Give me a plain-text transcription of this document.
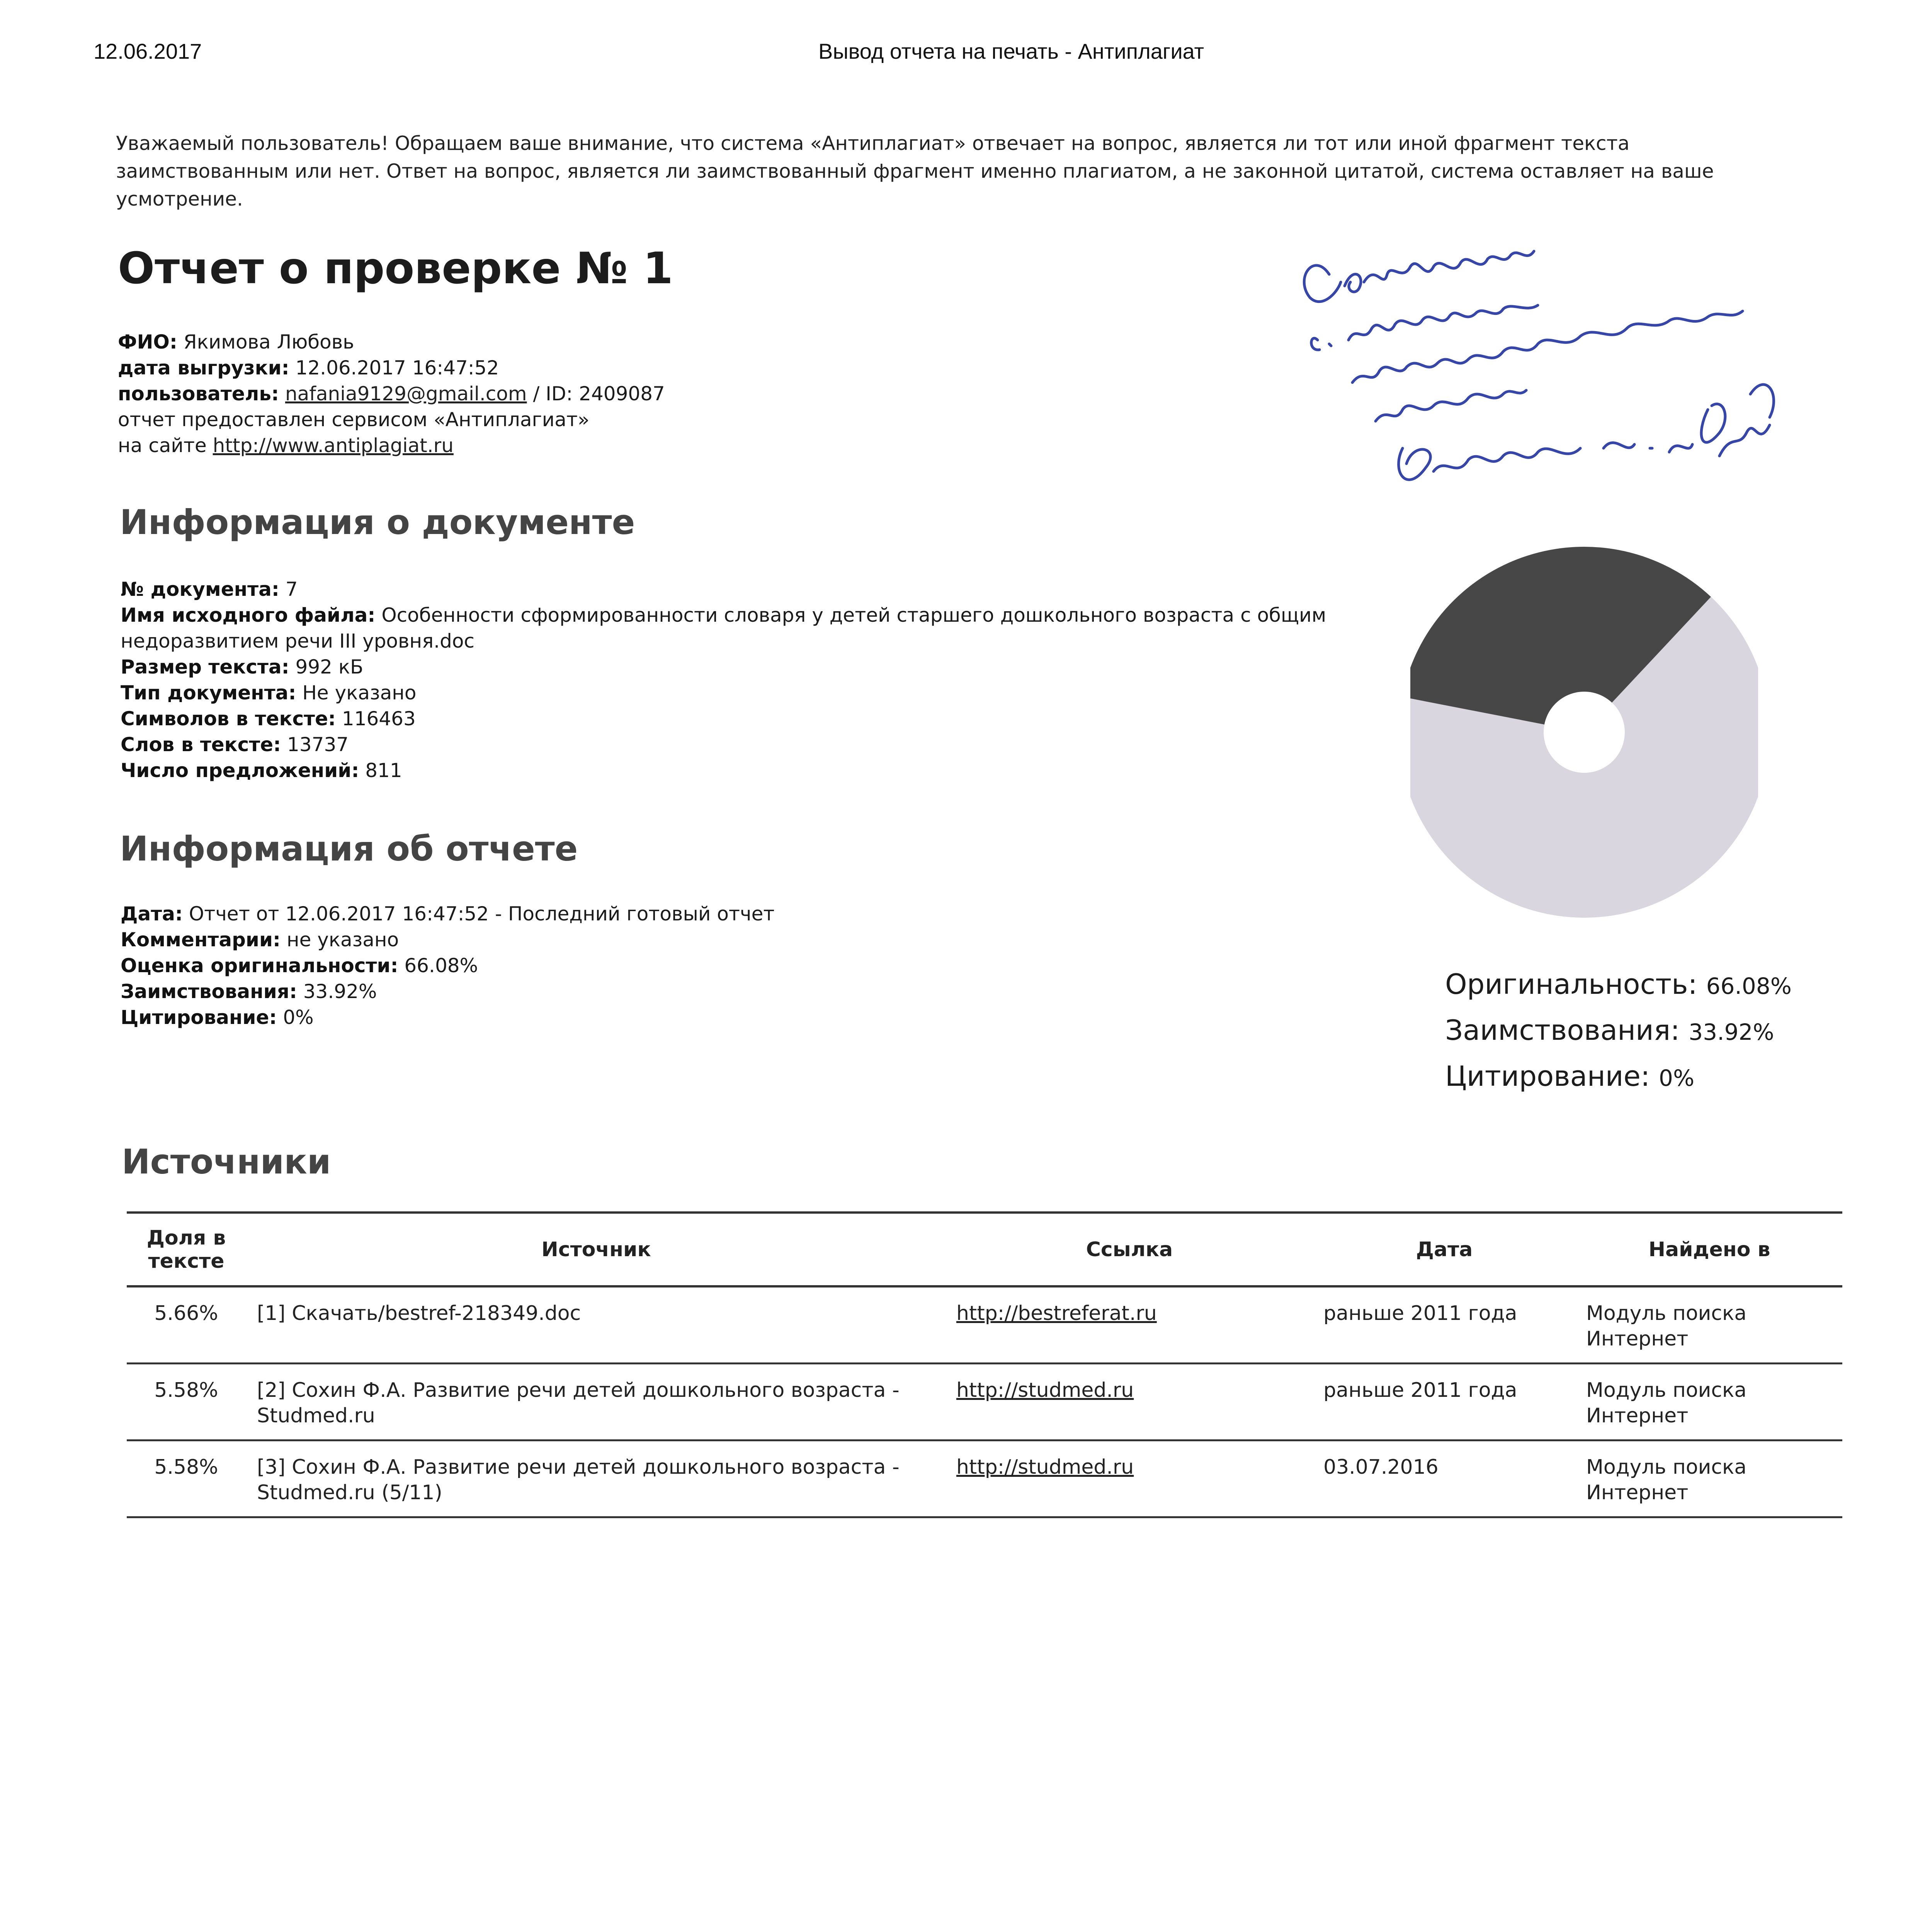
12.06.2017	Вывод отчета на печать - Антиплагиат
Уважаемый пользователь! Обращаем ваше внимание, что система «Антиплагиат» отвечает на вопрос, является ли тот или иной фрагмент текста заимствованным или нет. Ответ на вопрос, является ли заимствованный фрагмент именно плагиатом, а не законной цитатой, система оставляет на ваше усмотрение.
Отчет о проверке № 1
ФИО: Якимова Любовь
дата выгрузки: 12.06.2017 16:47:52
пользователь: nafania9129@gmail.com / ID: 2409087
отчет предоставлен сервисом «Антиплагиат»
на сайте http://www.antiplagiat.ru
Информация о документе
№ документа: 7
Имя исходного файла: Особенности сформированности словаря у детей старшего дошкольного возраста с общим недоразвитием речи III уровня.doc
Размер текста: 992 кБ
Тип документа: Не указано
Символов в тексте: 116463
Слов в тексте: 13737
Число предложений: 811
Информация об отчете
Дата: Отчет от 12.06.2017 16:47:52 - Последний готовый отчет
Комментарии: не указано
Оценка оригинальности: 66.08%
Заимствования: 33.92%
Цитирование: 0%
Оригинальность: 66.08%
Заимствования: 33.92%
Цитирование: 0%
Источники
Доля в тексте	Источник	Ссылка	Дата	Найдено в
5.66%	[1] Скачать/bestref-218349.doc	http://bestreferat.ru	раньше 2011 года	Модуль поиска Интернет
5.58%	[2] Сохин Ф.А. Развитие речи детей дошкольного возраста - Studmed.ru	http://studmed.ru	раньше 2011 года	Модуль поиска Интернет
5.58%	[3] Сохин Ф.А. Развитие речи детей дошкольного возраста - Studmed.ru (5/11)	http://studmed.ru	03.07.2016	Модуль поиска Интернет
